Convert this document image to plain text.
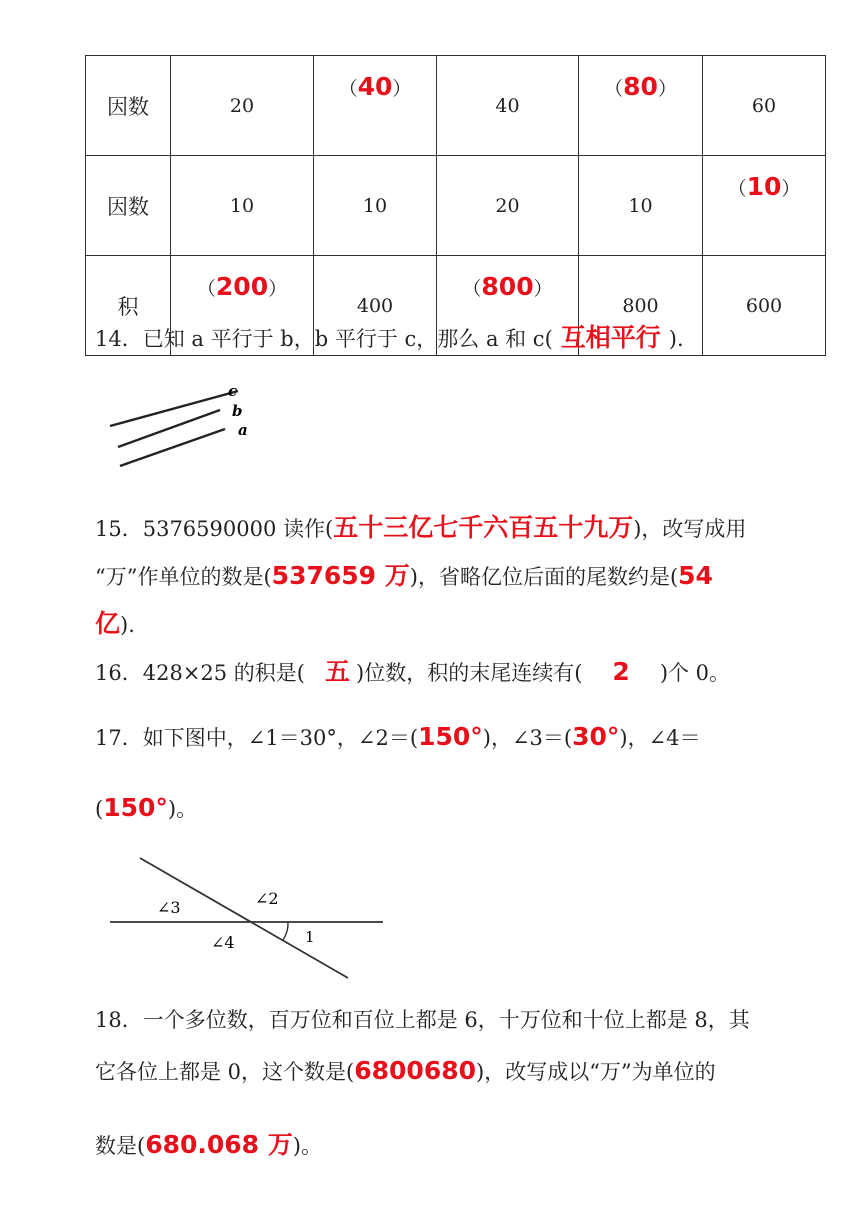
因数	20	（40）	40	（80）	60
因数	10	10	20	10	（10）
积	（200）	400	（800）	800	600
14．已知 a 平行于 b，b 平行于 c，那么 a 和 c( 互相平行 ).
c
b
a
15．5376590000 读作(五十三亿七千六百五十九万)，改写成用
“万”作单位的数是(537659 万)，省略亿位后面的尾数约是(54
亿).
16．428×25 的积是( 五 )位数，积的末尾连续有( 2 )个 0。
17．如下图中，∠1＝30°，∠2＝(150°)，∠3＝(30°)，∠4＝
(150°)。
∠3	∠2
∠4	1
18．一个多位数，百万位和百位上都是 6，十万位和十位上都是 8，其
它各位上都是 0，这个数是(6800680)，改写成以“万”为单位的
数是(680.068 万)。
